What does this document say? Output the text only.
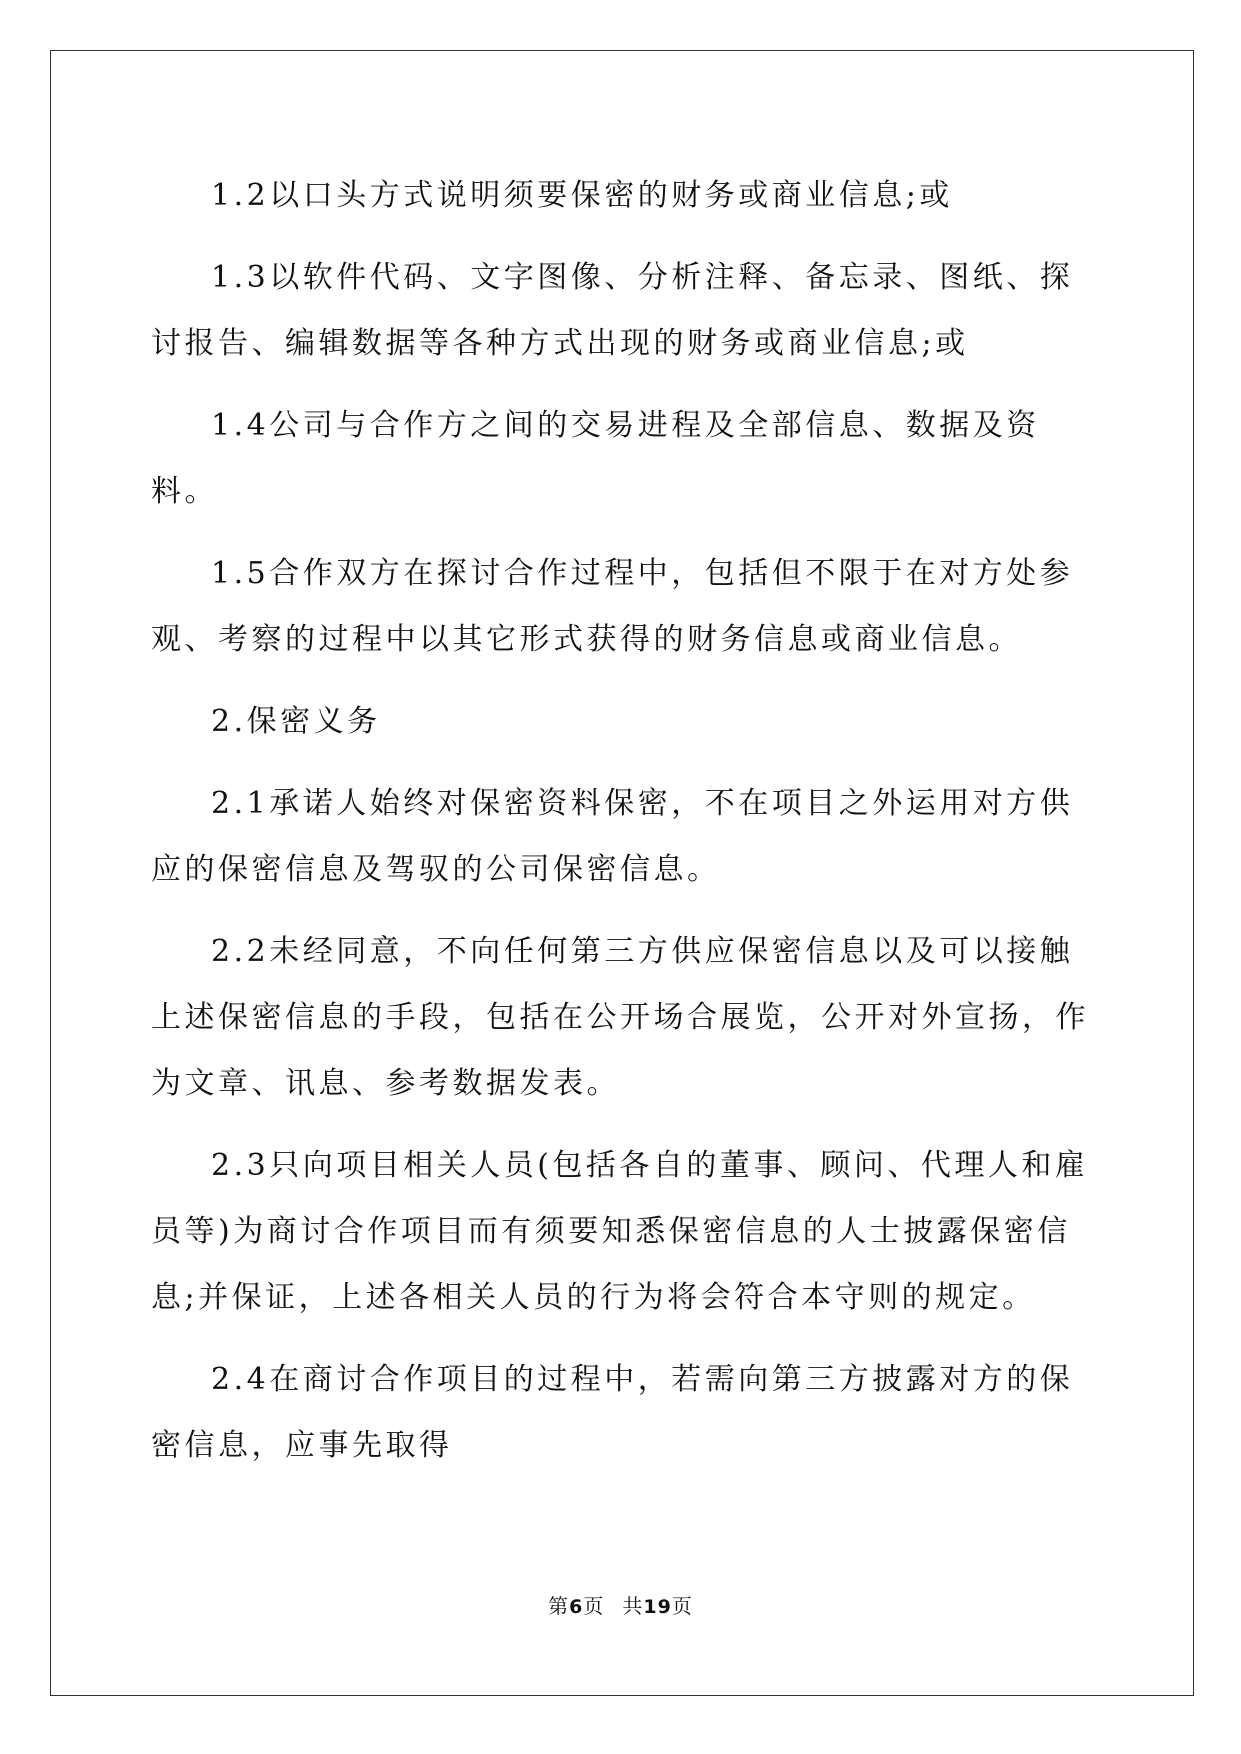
1.2以口头方式说明须要保密的财务或商业信息;或

1.3以软件代码、文字图像、分析注释、备忘录、图纸、探讨报告、编辑数据等各种方式出现的财务或商业信息;或

1.4公司与合作方之间的交易进程及全部信息、数据及资料。

1.5合作双方在探讨合作过程中，包括但不限于在对方处参观、考察的过程中以其它形式获得的财务信息或商业信息。

2.保密义务

2.1承诺人始终对保密资料保密，不在项目之外运用对方供应的保密信息及驾驭的公司保密信息。

2.2未经同意，不向任何第三方供应保密信息以及可以接触上述保密信息的手段，包括在公开场合展览，公开对外宣扬，作为文章、讯息、参考数据发表。

2.3只向项目相关人员(包括各自的董事、顾问、代理人和雇员等)为商讨合作项目而有须要知悉保密信息的人士披露保密信息;并保证，上述各相关人员的行为将会符合本守则的规定。

2.4在商讨合作项目的过程中，若需向第三方披露对方的保密信息，应事先取得

第6页 共19页
